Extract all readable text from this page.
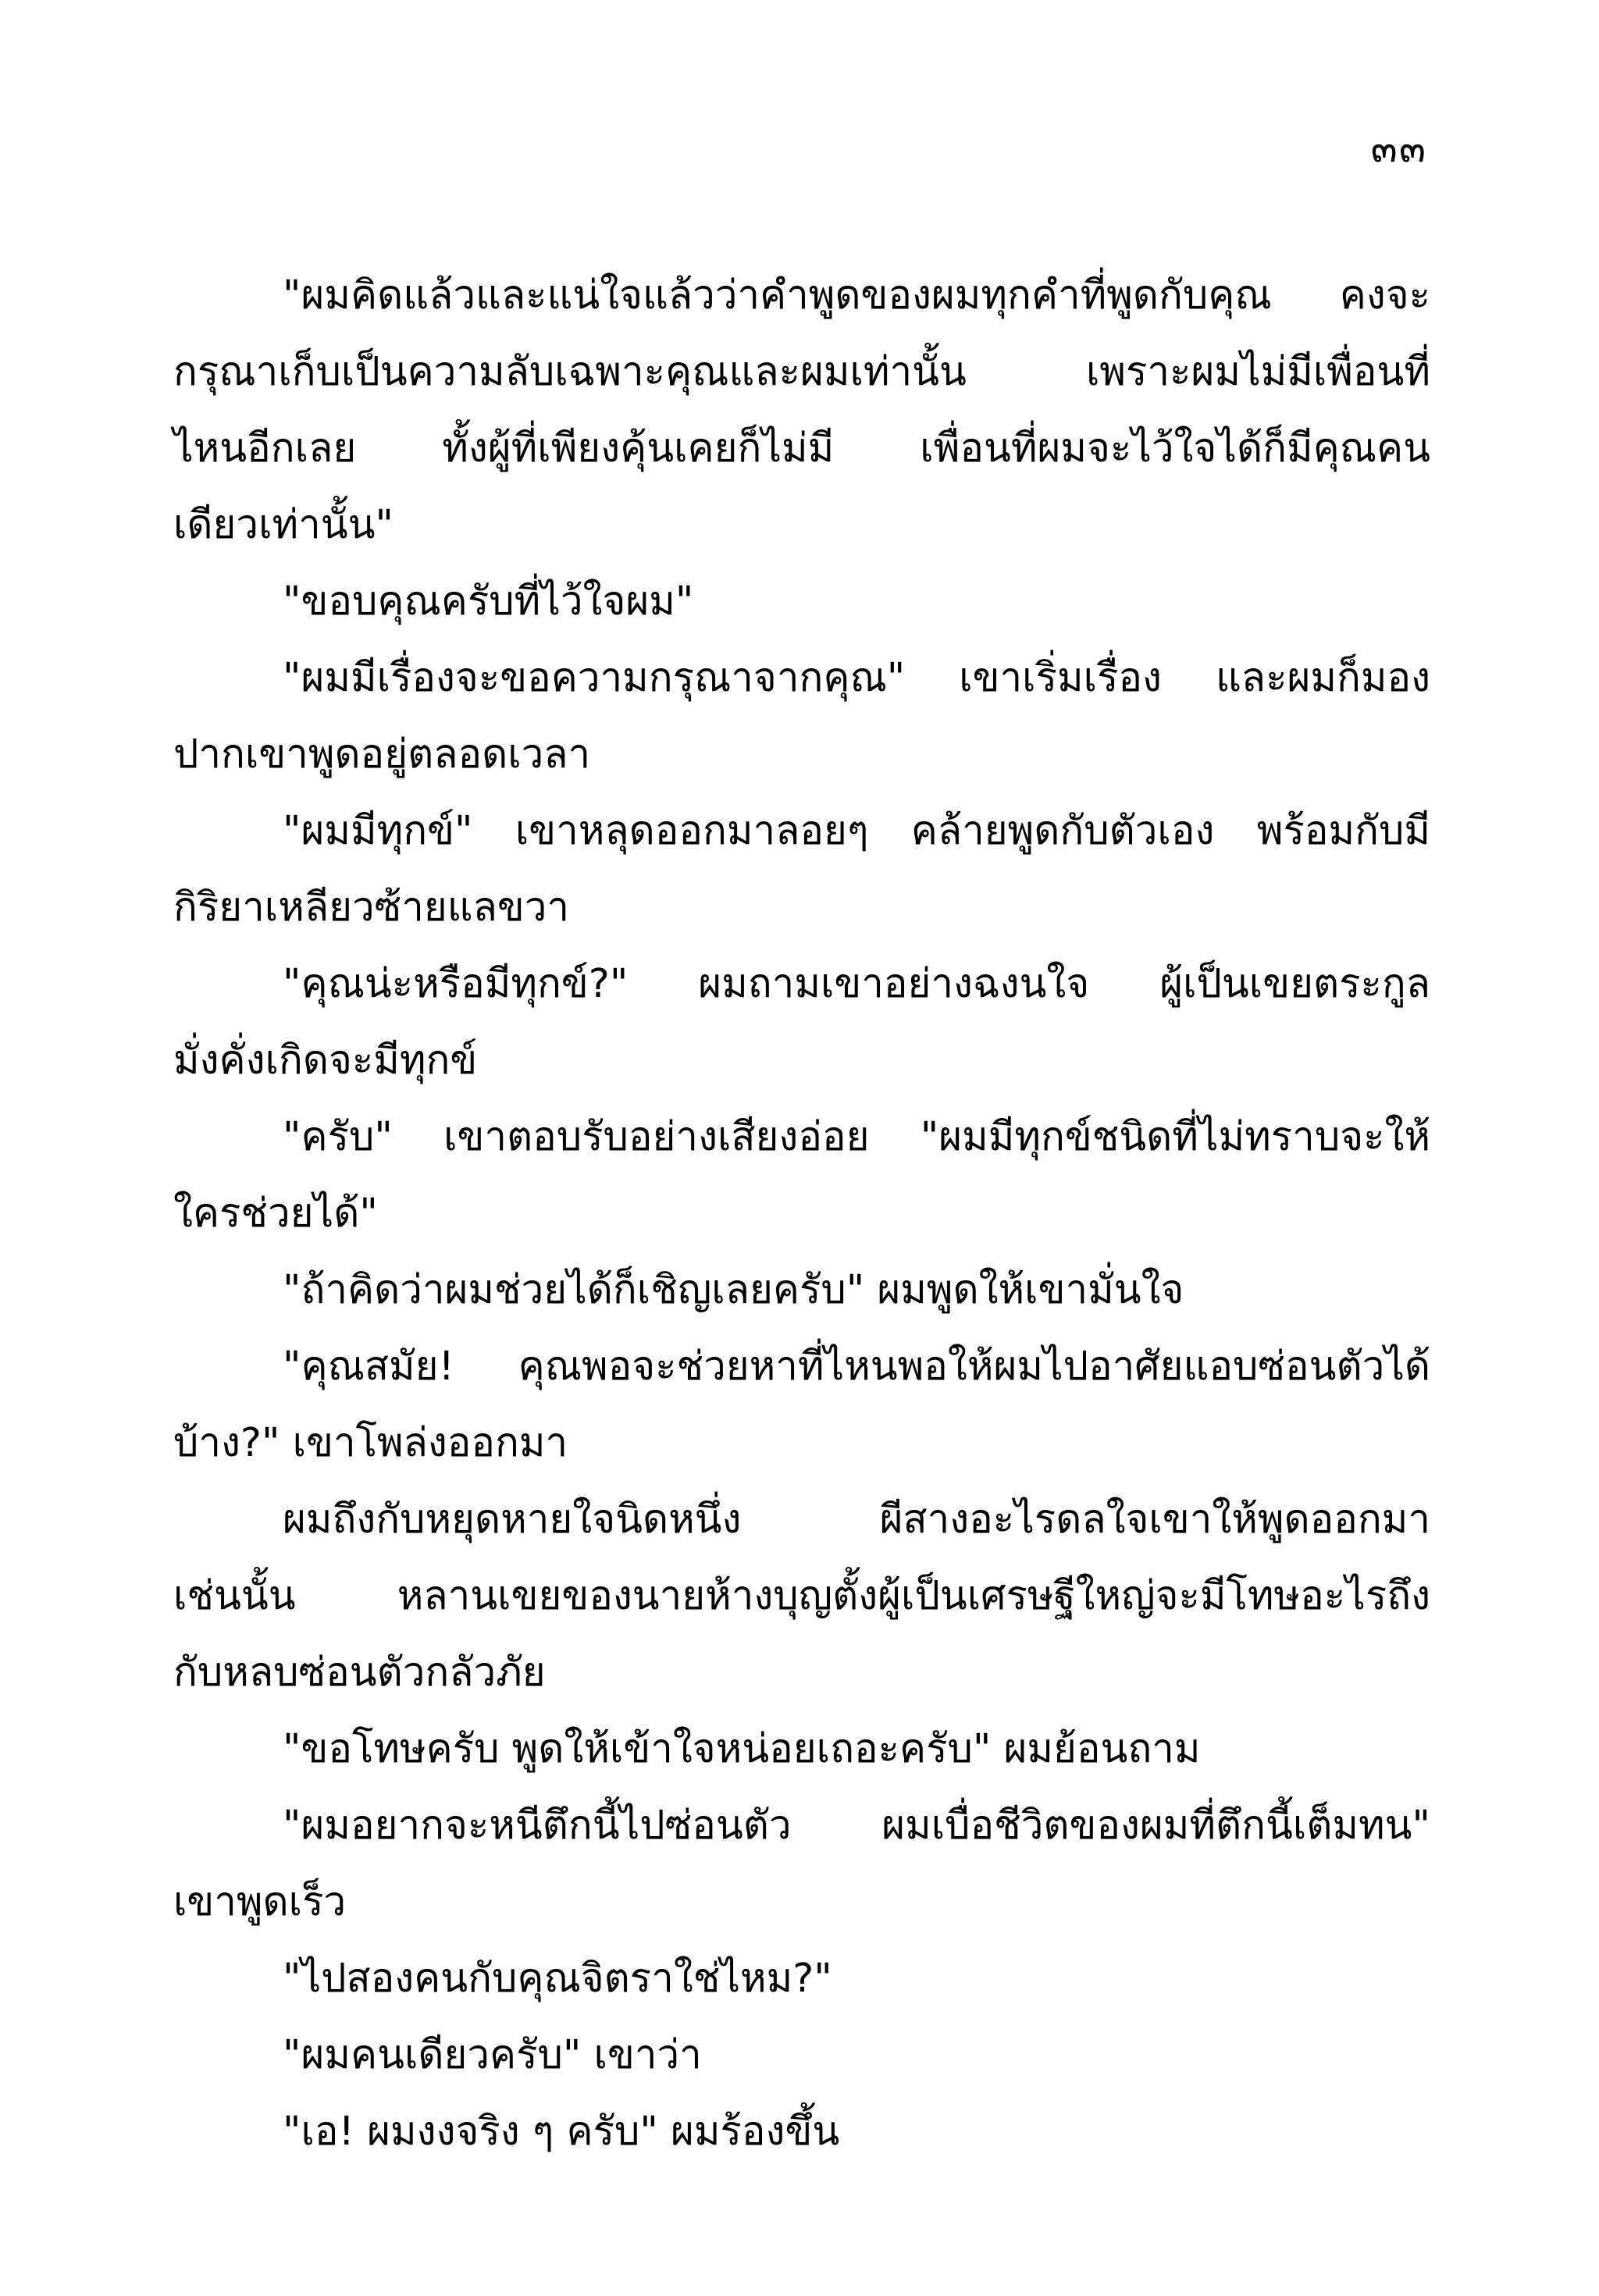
๓๓
"ผมคิดแล้วและแน่ใจแล้วว่าคำพูดของผมทุกคำที่พูดกับคุณ คงจะ
กรุณาเก็บเป็นความลับเฉพาะคุณและผมเท่านั้น เพราะผมไม่มีเพื่อนที่
ไหนอีกเลย ทั้งผู้ที่เพียงคุ้นเคยก็ไม่มี เพื่อนที่ผมจะไว้ใจได้ก็มีคุณคน
เดียวเท่านั้น"
"ขอบคุณครับที่ไว้ใจผม"
"ผมมีเรื่องจะขอความกรุณาจากคุณ" เขาเริ่มเรื่อง และผมก็มอง
ปากเขาพูดอยู่ตลอดเวลา
"ผมมีทุกข์" เขาหลุดออกมาลอยๆ คล้ายพูดกับตัวเอง พร้อมกับมี
กิริยาเหลียวซ้ายแลขวา
"คุณน่ะหรือมีทุกข์?" ผมถามเขาอย่างฉงนใจ ผู้เป็นเขยตระกูล
มั่งคั่งเกิดจะมีทุกข์
"ครับ" เขาตอบรับอย่างเสียงอ่อย "ผมมีทุกข์ชนิดที่ไม่ทราบจะให้
ใครช่วยได้"
"ถ้าคิดว่าผมช่วยได้ก็เชิญเลยครับ" ผมพูดให้เขามั่นใจ
"คุณสมัย! คุณพอจะช่วยหาที่ไหนพอให้ผมไปอาศัยแอบซ่อนตัวได้
บ้าง?" เขาโพล่งออกมา
ผมถึงกับหยุดหายใจนิดหนึ่ง ผีสางอะไรดลใจเขาให้พูดออกมา
เช่นนั้น หลานเขยของนายห้างบุญตั้งผู้เป็นเศรษฐีใหญ่จะมีโทษอะไรถึง
กับหลบซ่อนตัวกลัวภัย
"ขอโทษครับ พูดให้เข้าใจหน่อยเถอะครับ" ผมย้อนถาม
"ผมอยากจะหนีตึกนี้ไปซ่อนตัว ผมเบื่อชีวิตของผมที่ตึกนี้เต็มทน"
เขาพูดเร็ว
"ไปสองคนกับคุณจิตราใช่ไหม?"
"ผมคนเดียวครับ" เขาว่า
"เอ! ผมงงจริง ๆ ครับ" ผมร้องขึ้น
